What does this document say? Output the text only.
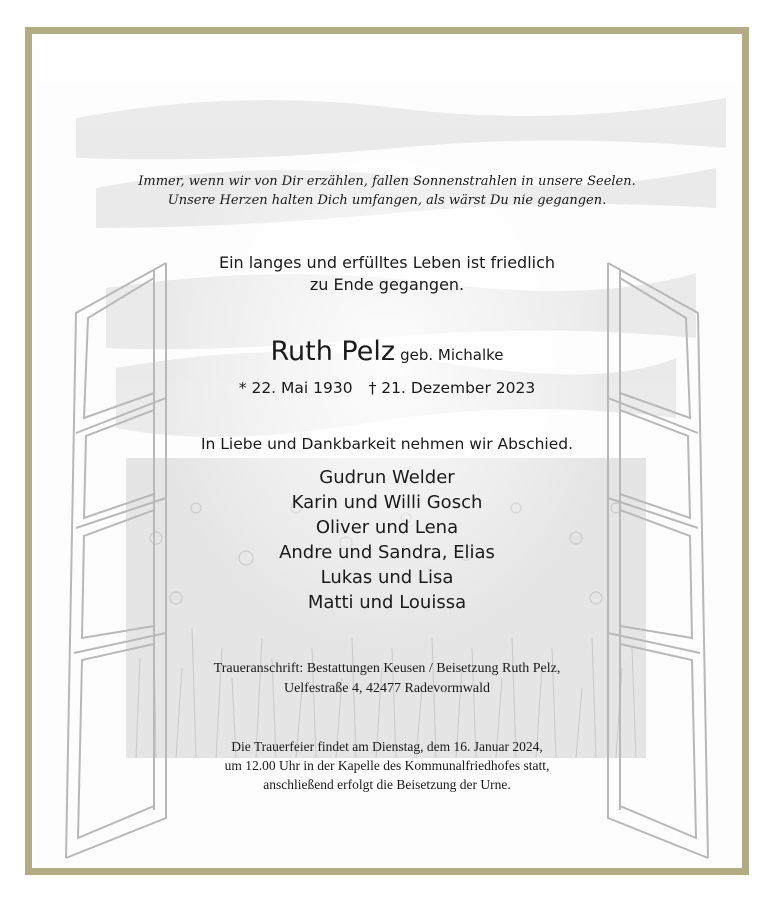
Immer, wenn wir von Dir erzählen, fallen Sonnenstrahlen in unsere Seelen.
Unsere Herzen halten Dich umfangen, als wärst Du nie gegangen.
Ein langes und erfülltes Leben ist friedlich
zu Ende gegangen.
Ruth Pelz geb. Michalke
* 22. Mai 1930 † 21. Dezember 2023
In Liebe und Dankbarkeit nehmen wir Abschied.
Gudrun Welder
Karin und Willi Gosch
Oliver und Lena
Andre und Sandra, Elias
Lukas und Lisa
Matti und Louissa
Traueranschrift: Bestattungen Keusen / Beisetzung Ruth Pelz,
Uelfestraße 4, 42477 Radevormwald
Die Trauerfeier findet am Dienstag, dem 16. Januar 2024,
um 12.00 Uhr in der Kapelle des Kommunalfriedhofes statt,
anschließend erfolgt die Beisetzung der Urne.
